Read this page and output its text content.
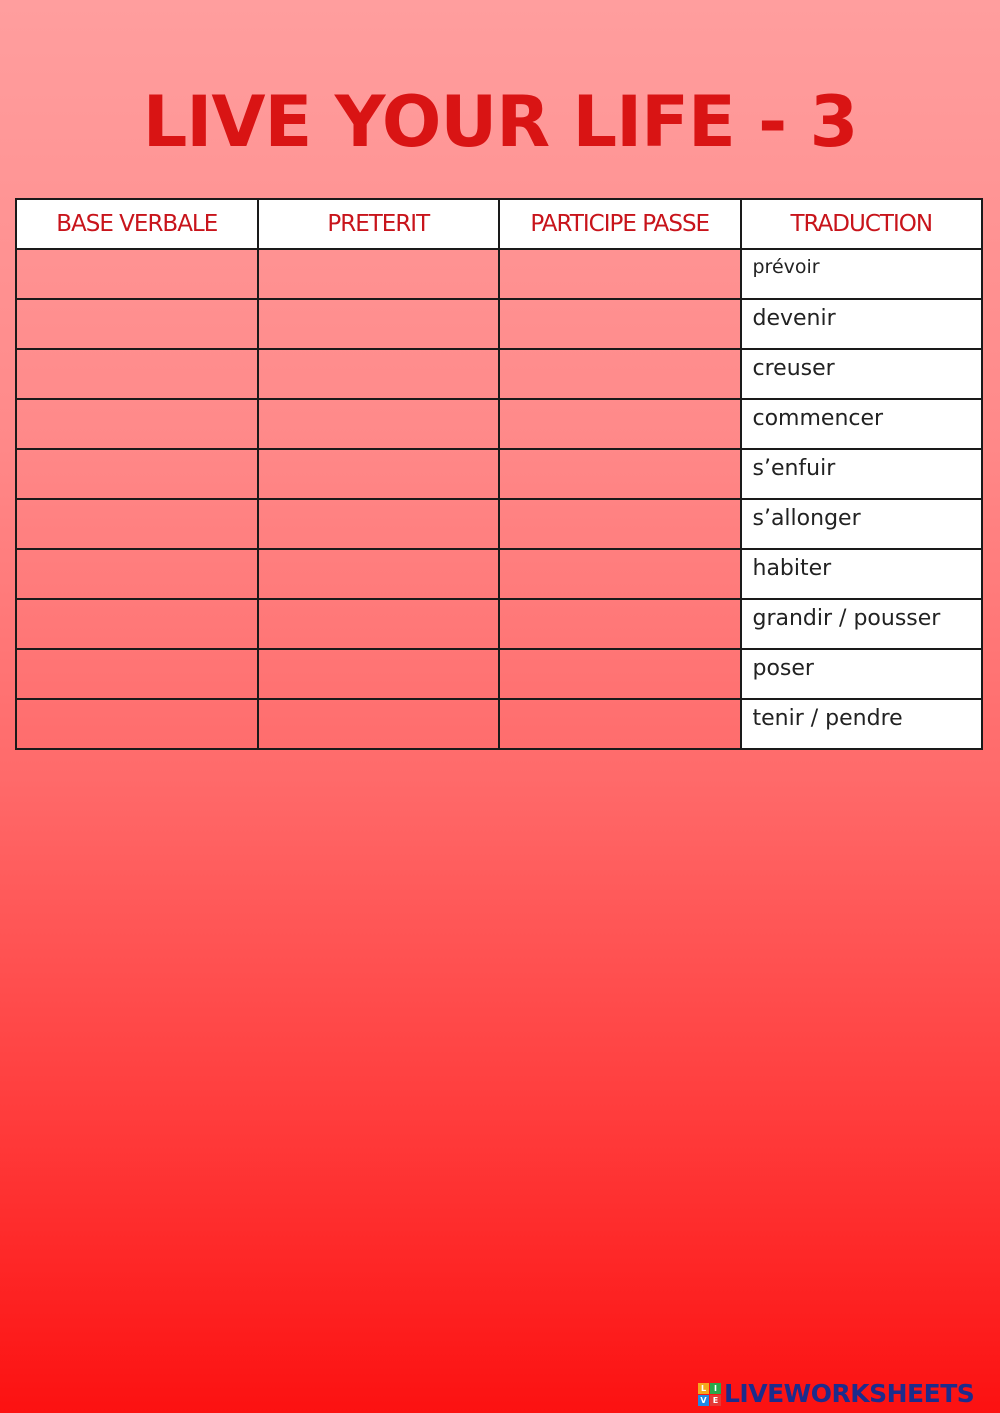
LIVE YOUR LIFE - 3
BASE VERBALE	PRETERIT	PARTICIPE PASSE	TRADUCTION
			prévoir
			devenir
			creuser
			commencer
			s’enfuir
			s’allonger
			habiter
			grandir / pousser
			poser
			tenir / pendre
L I
V E LIVEWORKSHEETS
